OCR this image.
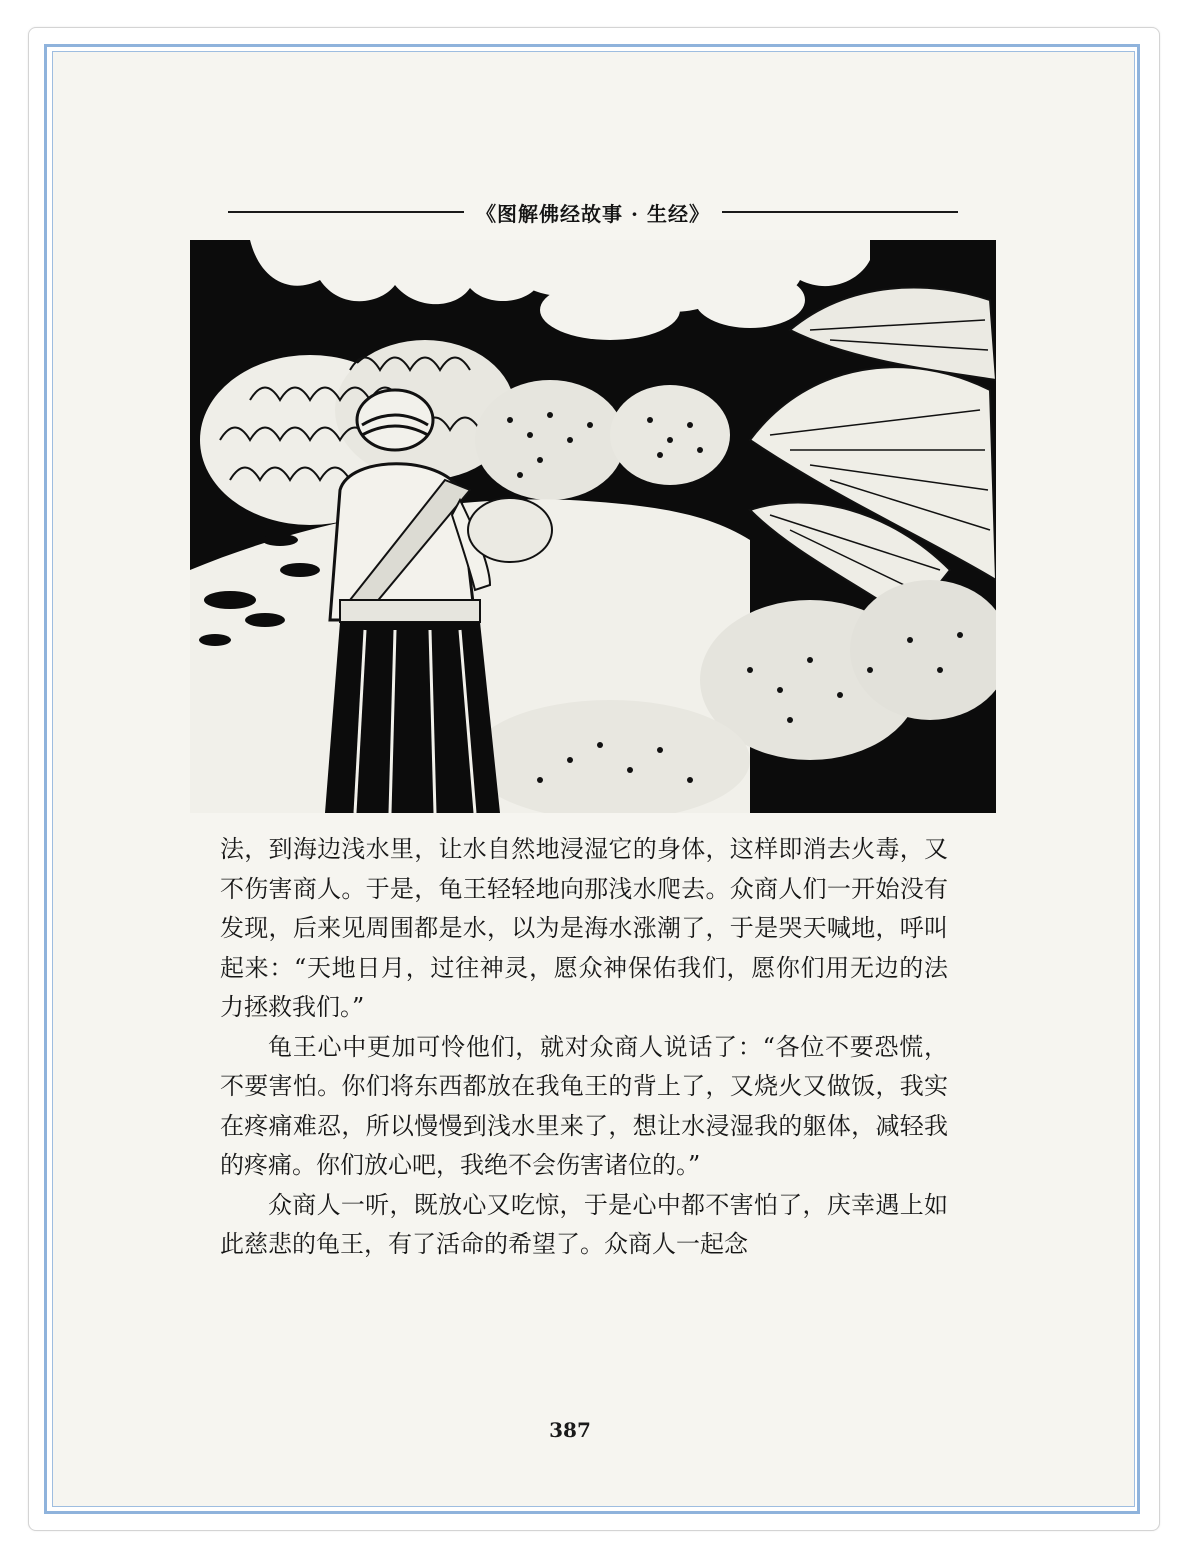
《图解佛经故事 · 生经》

法，到海边浅水里，让水自然地浸湿它的身体，这样即消去火毒，又不伤害商人。于是，龟王轻轻地向那浅水爬去。众商人们一开始没有发现，后来见周围都是水，以为是海水涨潮了，于是哭天喊地，呼叫起来：“天地日月，过往神灵，愿众神保佑我们，愿你们用无边的法力拯救我们。”

龟王心中更加可怜他们，就对众商人说话了：“各位不要恐慌，不要害怕。你们将东西都放在我龟王的背上了，又烧火又做饭，我实在疼痛难忍，所以慢慢到浅水里来了，想让水浸湿我的躯体，减轻我的疼痛。你们放心吧，我绝不会伤害诸位的。”

众商人一听，既放心又吃惊，于是心中都不害怕了，庆幸遇上如此慈悲的龟王，有了活命的希望了。众商人一起念

387
